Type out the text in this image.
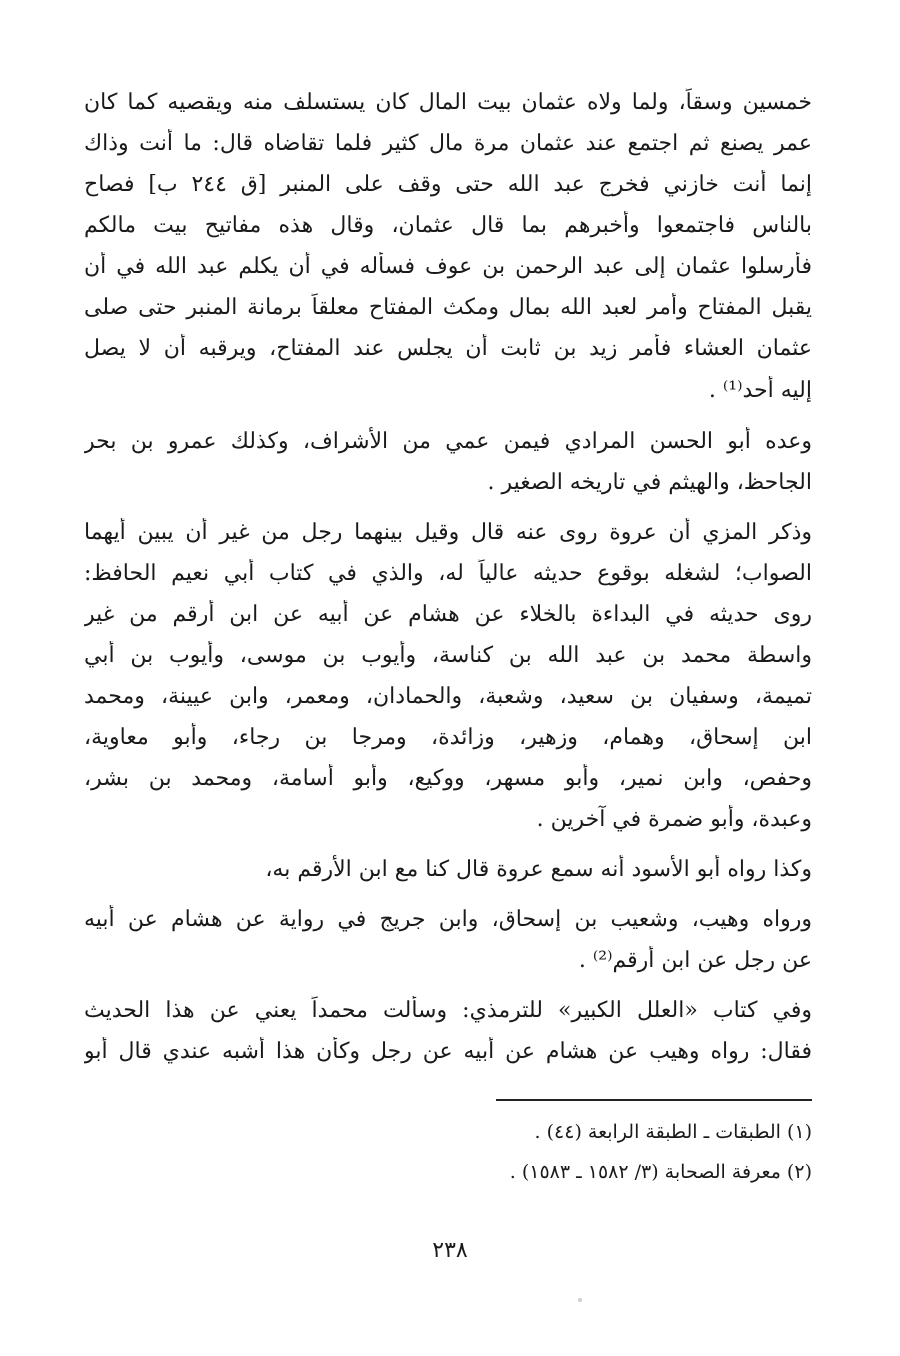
خمسين وسقاً، ولما ولاه عثمان بيت المال كان يستسلف منه ويقصيه كما كان
عمر يصنع ثم اجتمع عند عثمان مرة مال كثير فلما تقاضاه قال: ما أنت وذاك
إنما أنت خازني فخرج عبد الله حتى وقف على المنبر [ق ٢٤٤ ب] فصاح
بالناس فاجتمعوا وأخبرهم بما قال عثمان، وقال هذه مفاتيح بيت مالكم
فأرسلوا عثمان إلى عبد الرحمن بن عوف فسأله في أن يكلم عبد الله في أن
يقبل المفتاح وأمر لعبد الله بمال ومكث المفتاح معلقاً برمانة المنبر حتى صلى
عثمان العشاء فأمر زيد بن ثابت أن يجلس عند المفتاح، ويرقبه أن لا يصل
إليه أحد⁽¹⁾ .
وعده أبو الحسن المرادي فيمن عمي من الأشراف، وكذلك عمرو بن بحر
الجاحظ، والهيثم في تاريخه الصغير .
وذكر المزي أن عروة روى عنه قال وقيل بينهما رجل من غير أن يبين أيهما
الصواب؛ لشغله بوقوع حديثه عالياً له، والذي في كتاب أبي نعيم الحافظ:
روى حديثه في البداءة بالخلاء عن هشام عن أبيه عن ابن أرقم من غير
واسطة محمد بن عبد الله بن كناسة، وأيوب بن موسى، وأيوب بن أبي
تميمة، وسفيان بن سعيد، وشعبة، والحمادان، ومعمر، وابن عيينة، ومحمد
ابن إسحاق، وهمام، وزهير، وزائدة، ومرجا بن رجاء، وأبو معاوية،
وحفص، وابن نمير، وأبو مسهر، ووكيع، وأبو أسامة، ومحمد بن بشر،
وعبدة، وأبو ضمرة في آخرين .
وكذا رواه أبو الأسود أنه سمع عروة قال كنا مع ابن الأرقم به،
ورواه وهيب، وشعيب بن إسحاق، وابن جريج في رواية عن هشام عن أبيه
عن رجل عن ابن أرقم⁽²⁾ .
وفي كتاب «العلل الكبير» للترمذي: وسألت محمداً يعني عن هذا الحديث
فقال: رواه وهيب عن هشام عن أبيه عن رجل وكأن هذا أشبه عندي قال أبو
(١) الطبقات ـ الطبقة الرابعة (٤٤) .
(٢) معرفة الصحابة (٣/ ١٥٨٢ ـ ١٥٨٣) .
٢٣٨
